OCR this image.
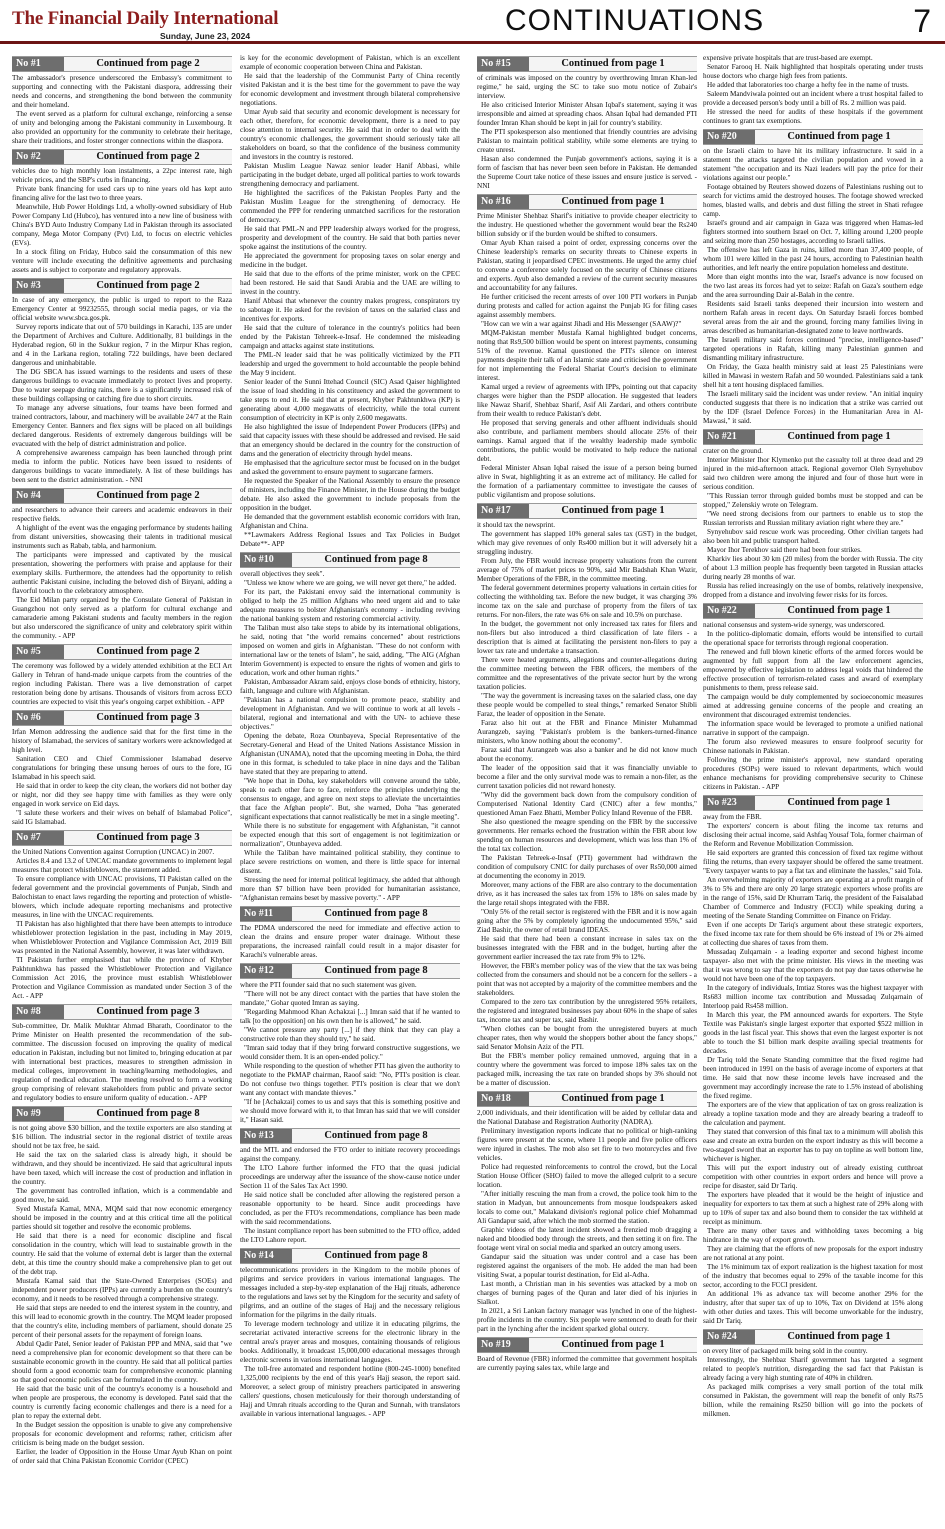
The Financial Daily International
Sunday, June 23, 2024	CONTINUATIONS	7
No #1	Continued from page 2

The ambassador's presence underscored the Embassy's commitment to supporting and connecting with the Pakistani diaspora, addressing their needs and concerns, and strengthening the bond between the community and their homeland.

The event served as a platform for cultural exchange, reinforcing a sense of unity and belonging among the Pakistani community in Luxembourg. It also provided an opportunity for the community to celebrate their heritage, share their traditions, and foster stronger connections within the diaspora.

No #2	Continued from page 2

vehicles due to high monthly loan instalments, a 22pc interest rate, high vehicle prices, and the SBP's curbs in financing.

Private bank financing for used cars up to nine years old has kept auto financing alive for the last two to three years.

Meanwhile, Hub Power Holdings Ltd, a wholly-owned subsidiary of Hub Power Company Ltd (Hubco), has ventured into a new line of business with China's BYD Auto Industry Company Ltd in Pakistan through its associated company, Mega Motor Company (Pvt) Ltd, to focus on electric vehicles (EVs).

In a stock filing on Friday, Hubco said the consummation of this new venture will include executing the definitive agreements and purchasing assets and is subject to corporate and regulatory approvals.

No #3	Continued from page 2

In case of any emergency, the public is urged to report to the Raza Emergency Center at 99232555, through social media pages, or via the official website www.sbca.gos.pk.

Survey reports indicate that out of 570 buildings in Karachi, 135 are under the Department of Archives and Culture. Additionally, 81 buildings in the Hyderabad region, 60 in the Sukkur region, 7 in the Mirpur Khas region, and 4 in the Larkana region, totaling 722 buildings, have been declared dangerous and uninhabitable.

The DG SBCA has issued warnings to the residents and users of these dangerous buildings to evacuate immediately to protect lives and property. Due to water seepage during rains, there is a significantly increased risk of these buildings collapsing or catching fire due to short circuits.

To manage any adverse situations, four teams have been formed and trained contractors, labour, and machinery will be available 24/7 at the Rain Emergency Center. Banners and flex signs will be placed on all buildings declared dangerous. Residents of extremely dangerous buildings will be evacuated with the help of district administration and police.

A comprehensive awareness campaign has been launched through print media to inform the public. Notices have been issued to residents of dangerous buildings to vacate immediately. A list of these buildings has been sent to the district administration. - NNI

No #4	Continued from page 2

and researchers to advance their careers and academic endeavors in their respective fields.

A highlight of the event was the engaging performance by students hailing from distant universities, showcasing their talents in traditional musical instruments such as Rabab, tabla, and harmonium.

The participants were impressed and captivated by the musical presentation, showering the performers with praise and applause for their exemplary skills. Furthermore, the attendees had the opportunity to relish authentic Pakistani cuisine, including the beloved dish of Biryani, adding a flavorful touch to the celebratory atmosphere.

The Eid Milan party organized by the Consulate General of Pakistan in Guangzhou not only served as a platform for cultural exchange and camaraderie among Pakistani students and faculty members in the region but also underscored the significance of unity and celebratory spirit within the community. - APP

No #5	Continued from page 2

The ceremony was followed by a widely attended exhibition at the ECI Art Gallery in Tehran of hand-made unique carpets from the countries of the region including Pakistan. There was a live demonstration of carpet restoration being done by artisans. Thousands of visitors from across ECO countries are expected to visit this year's ongoing carpet exhibition. - APP

No #6	Continued from page 3

Irfan Memon addressing the audience said that for the first time in the history of Islamabad, the services of sanitary workers were acknowledged at high level.

Sanitation CEO and Chief Commissioner Islamabad deserve congratulations for bringing these unsung heroes of ours to the fore, IG Islamabad in his speech said.

He said that in order to keep the city clean, the workers did not bother day or night, nor did they see happy time with families as they were only engaged in work service on Eid days.

"I salute these workers and their wives on behalf of Islamabad Police", said IG Islamabad.

No #7	Continued from page 3

the United Nations Convention against Corruption (UNCAC) in 2007.

Articles 8.4 and 13.2 of UNCAC mandate governments to implement legal measures that protect whistleblowers, the statement added.

To ensure compliance with UNCAC provisions, TI Pakistan called on the federal government and the provincial governments of Punjab, Sindh and Balochistan to enact laws regarding the reporting and protection of whistle-blowers, which include adequate reporting mechanisms and protective measures, in line with the UNCAC requirements.

TI Pakistan has also highlighted that there have been attempts to introduce whistleblower protection legislation in the past, including in May 2019, when Whistleblower Protection and Vigilance Commission Act, 2019 Bill was presented in the National Assembly, however, it was later withdrawn.

TI Pakistan further emphasised that while the province of Khyber Pakhtunkhwa has passed the Whistleblower Protection and Vigilance Commission Act 2016, the province must establish Whistleblower Protection and Vigilance Commission as mandated under Section 3 of the Act. - APP

No #8	Continued from page 3

Sub-committee, Dr. Malik Mukhtar Ahmad Bharath, Coordinator to the Prime Minister on Health presented the recommendation of the sub-committee. The discussion focused on improving the quality of medical education in Pakistan, including but not limited to, bringing education at par with international best practices, measures to strengthen admission in medical colleges, improvement in teaching/learning methodologies, and regulation of medical education. The meeting resolved to form a working group comprising of relevant stakeholders from public and private sector and regulatory bodies to ensure uniform quality of education. - APP

No #9	Continued from page 8

is not going above $30 billion, and the textile exporters are also standing at $16 billion. The industrial sector in the regional district of textile areas should not be tax free, he said.

He said the tax on the salaried class is already high, it should be withdrawn, and they should be incentivized. He said that agricultural inputs have been taxed, which will increase the cost of production and inflation in the country.

The government has controlled inflation, which is a commendable and good move, he said.

Syed Mustafa Kamal, MNA, MQM said that now economic emergency should be imposed in the country and at this critical time all the political parties should sit together and resolve the economic problems.

He said that there is a need for economic discipline and fiscal consolidation in the country, which will lead to sustainable growth in the country. He said that the volume of external debt is larger than the external debt, at this time the country should make a comprehensive plan to get out of the debt trap.

Mustafa Kamal said that the State-Owned Enterprises (SOEs) and independent power producers (IPPs) are currently a burden on the country's economy, and it needs to be resolved through a comprehensive strategy.

He said that steps are needed to end the interest system in the country, and this will lead to economic growth in the country. The MQM leader proposed that the country's elite, including members of parliament, should donate 25 percent of their personal assets for the repayment of foreign loans.

Abdul Qadir Patel, Senior leader of Pakistan PPP and MNA, said that "we need a comprehensive plan for economic development so that there can be sustainable economic growth in the country. He said that all political parties should form a good economic team for comprehensive economic planning so that good economic policies can be formulated in the country.

He said that the basic unit of the country's economy is a household and when people are prosperous, the economy is developed. Patel said that the country is currently facing economic challenges and there is a need for a plan to repay the external debt.

In the Budget session the opposition is unable to give any comprehensive proposals for economic development and reforms; rather, criticism after criticism is being made on the budget session.

Earlier, the leader of Opposition in the House Umar Ayub Khan on point of order said that China Pakistan Economic Corridor (CPEC)

is key for the economic development of Pakistan, which is an excellent example of economic cooperation between China and Pakistan.

He said that the leadership of the Communist Party of China recently visited Pakistan and it is the best time for the government to pave the way for economic development and investment through bilateral comprehensive negotiations.

Umar Ayub said that security and economic development is necessary for each other, therefore, for economic development, there is a need to pay close attention to internal security. He said that in order to deal with the country's economic challenges, the government should seriously take all stakeholders on board, so that the confidence of the business community and investors in the country is restored.

Pakistan Muslim League Nawaz senior leader Hanif Abbasi, while participating in the budget debate, urged all political parties to work towards strengthening democracy and parliament.

He highlighted the sacrifices of the Pakistan Peoples Party and the Pakistan Muslim League for the strengthening of democracy. He commended the PPP for rendering unmatched sacrifices for the restoration of democracy.

He said that PML-N and PPP leadership always worked for the progress, prosperity and development of the country. He said that both parties never spoke against the institutions of the country.

He appreciated the government for proposing taxes on solar energy and medicine in the budget.

He said that due to the efforts of the prime minister, work on the CPEC had been restored. He said that Saudi Arabia and the UAE are willing to invest in the country.

Hanif Abbasi that whenever the country makes progress, conspirators try to sabotage it. He asked for the revision of taxes on the salaried class and incentives for exports.

He said that the culture of tolerance in the country's politics had been ended by the Pakistan Tehreek-e-Insaf. He condemned the misleading campaign and attacks against state institutions.

The PML-N leader said that he was politically victimized by the PTI leadership and urged the government to hold accountable the people behind the May 9 incident.

Senior leader of the Sunni Ittehad Council (SIC) Asad Qaiser highlighted the issue of load shedding in his constituency and asked the government to take steps to end it. He said that at present, Khyber Pakhtunkhwa (KP) is generating about 4,000 megawatts of electricity, while the total current consumption of electricity in KP is only 2,600 megawatts.

He also highlighted the issue of Independent Power Producers (IPPs) and said that capacity issues with these should be addressed and revised. He said that an emergency should be declared in the country for the construction of dams and the generation of electricity through hydel means.

He emphasised that the agriculture sector must be focused on in the budget and asked the government to ensure payment to sugarcane farmers.

He requested the Speaker of the National Assembly to ensure the presence of ministers, including the Finance Minister, in the House during the budget debate. He also asked the government to include proposals from the opposition in the budget.

He demanded that the government establish economic corridors with Iran, Afghanistan and China.

**Lawmakers Address Regional Issues and Tax Policies in Budget Debate**- APP

No #10	Continued from page 8

overall objectives they seek".

"Unless we know where we are going, we will never get there," he added.

For its part, the Pakistani envoy said the international community is obliged to help the 25 million Afghans who need urgent aid and to take adequate measures to bolster Afghanistan's economy - including reviving the national banking system and restoring commercial activity.

The Taliban must also take steps to abide by its international obligations, he said, noting that "the world remains concerned" about restrictions imposed on women and girls in Afghanistan. "These do not conform with international law or the tenets of Islam", he said, adding, "The AIG (Afghan Interim Government) is expected to ensure the rights of women and girls to education, work and other human rights."

Pakistan, Ambassador Akram said, enjoys close bonds of ethnicity, history, faith, language and culture with Afghanistan.

"Pakistan has a national compulsion to promote peace, stability and development in Afghanistan. And we will continue to work at all levels - bilateral, regional and international and with the UN- to achieve these objectives."

Opening the debate, Roza Otunbayeva, Special Representative of the Secretary-General and Head of the United Nations Assistance Mission in Afghanistan (UNAMA), noted that the upcoming meeting in Doha, the third one in this format, is scheduled to take place in nine days and the Taliban have stated that they are preparing to attend.

"We hope that in Doha, key stakeholders will convene around the table, speak to each other face to face, reinforce the principles underlying the consensus to engage, and agree on next steps to alleviate the uncertainties that face the Afghan people". But, she warned, Doha "has generated significant expectations that cannot realistically be met in a single meeting".

While there is no substitute for engagement with Afghanistan, "it cannot be expected enough that this sort of engagement is not legitimization or normalization", Otunbayeva added.

While the Taliban have maintained political stability, they continue to place severe restrictions on women, and there is little space for internal dissent.

Stressing the need for internal political legitimacy, she added that although more than $7 billion have been provided for humanitarian assistance, "Afghanistan remains beset by massive poverty." - APP

No #11	Continued from page 8

The PDMA underscored the need for immediate and effective action to clean the drains and ensure proper water drainage. Without these preparations, the increased rainfall could result in a major disaster for Karachi's vulnerable areas.

No #12	Continued from page 8

where the PTI founder said that no such statement was given.

"There will not be any direct contact with the parties that have stolen the mandate," Gohar quoted Imran as saying.

"Regarding Mahmood Khan Achakzai [...] Imran said that if he wanted to talk [to the opposition] on his own then he is allowed," he said.

"We cannot pressure any party [...] if they think that they can play a constructive role than they should try," he said.

"Imran said today that if they bring forward constructive suggestions, we would consider them. It is an open-ended policy."

While responding to the question of whether PTI has given the authority to negotiate to the PkMAP chairman, Raoof said: "No, PTI's position is clear. Do not confuse two things together. PTI's position is clear that we don't want any contact with mandate thieves."

"If he [Achakzai] comes to us and says that this is something positive and we should move forward with it, to that Imran has said that we will consider it," Hasan said.

No #13	Continued from page 8

and the MTL and endorsed the FTO order to initiate recovery proceedings against the company.

The LTO Lahore further informed the FTO that the quasi judicial proceedings are underway after the issuance of the show-cause notice under Section 11 of the Sales Tax Act 1990.

He said notice shall be concluded after allowing the registered person a reasonable opportunity to be heard. Since audit proceedings have concluded, as per the FTO's recommendations, compliance has been made with the said recommendations.

The instant compliance report has been submitted to the FTO office, added the LTO Lahore report.

No #14	Continued from page 8

telecommunications providers in the Kingdom to the mobile phones of pilgrims and service providers in various international languages. The messages included a step-by-step explanation of the Hajj rituals, adherence to the regulations and laws set by the Kingdom for the security and safety of pilgrims, and an outline of the stages of Hajj and the necessary religious information for the pilgrims in the daily rituals.

To leverage modern technology and utilize it in educating pilgrims, the secretariat activated interactive screens for the electronic library in the central area's prayer areas and mosques, containing thousands of religious books. Additionally, it broadcast 15,000,000 educational messages through electronic screens in various international languages.

The toll-free automated and respondent hotline (800-245-1000) benefited 1,325,000 recipients by the end of this year's Hajj season, the report said. Moreover, a select group of ministry preachers participated in answering callers' questions, chosen meticulously for their thorough understanding of Hajj and Umrah rituals according to the Quran and Sunnah, with translators available in various international languages. - APP

No #15	Continued from page 1

of criminals was imposed on the country by overthrowing Imran Khan-led regime," he said, urging the SC to take suo motu notice of Zubair's interview.

He also criticised Interior Minister Ahsan Iqbal's statement, saying it was irresponsible and aimed at spreading chaos. Ahsan Iqbal had demanded PTI founder Imran Khan should be kept in jail for country's stability.

The PTI spokesperson also mentioned that friendly countries are advising Pakistan to maintain political stability, while some elements are trying to create unrest.

Hasan also condemned the Punjab government's actions, saying it is a form of fascism that has never been seen before in Pakistan. He demanded the Supreme Court take notice of these issues and ensure justice is served. - NNI

No #16	Continued from page 1

Prime Minister Shehbaz Sharif's initiative to provide cheaper electricity to the industry. He questioned whether the government would bear the Rs240 billion subsidy or if the burden would be shifted to consumers.

Omar Ayub Khan raised a point of order, expressing concerns over the Chinese leadership's remarks on security threats to Chinese experts in Pakistan, stating it jeopardised CPEC investments. He urged the army chief to convene a conference solely focused on the security of Chinese citizens and experts. Ayub also demanded a review of the current security measures and accountability for any failures.

He further criticised the recent arrests of over 100 PTI workers in Punjab during protests and called for action against the Punjab IG for filing cases against assembly members.

"How can we win a war against Jihadi and His Messenger (SAAW)?"

MQM-Pakistan member Mustafa Kamal highlighted budget concerns, noting that Rs9,500 billion would be spent on interest payments, consuming 51% of the revenue. Kamal questioned the PTI's silence on interest payments despite their talk of an Islamic state and criticised the government for not implementing the Federal Shariat Court's decision to eliminate interest.

Kamal urged a review of agreements with IPPs, pointing out that capacity charges were higher than the PSDP allocation. He suggested that leaders like Nawaz Sharif, Shehbaz Sharif, Asif Ali Zardari, and others contribute from their wealth to reduce Pakistan's debt.

He proposed that serving generals and other affluent individuals should also contribute, and parliament members should allocate 25% of their earnings. Kamal argued that if the wealthy leadership made symbolic contributions, the public would be motivated to help reduce the national debt.

Federal Minister Ahsan Iqbal raised the issue of a person being burned alive in Swat, highlighting it as an extreme act of militancy. He called for the formation of a parliamentary committee to investigate the causes of public vigilantism and propose solutions.

No #17	Continued from page 1

it should tax the newsprint.

The government has slapped 10% general sales tax (GST) in the budget, which may give revenues of only Rs400 million but it will adversely hit a struggling industry.

From July, the FBR would increase property valuations from the current average of 75% of market prices to 90%, said Mir Badshah Khan Wazir, Member Operations of the FBR, in the committee meeting.

The federal government determines property valuations in certain cities for collecting the withholding tax. Before the new budget, it was charging 3% income tax on the sale and purchase of property from the filers of tax returns. For non-filers, the rate was 6% on sale and 10.5% on purchase.

In the budget, the government not only increased tax rates for filers and non-filers but also introduced a third classification of late filers - a description that is aimed at facilitating the persistent non-filers to pay a lower tax rate and undertake a transaction.

There were heated arguments, allegations and counter-allegations during the committee meeting between the FBR officers, the members of the committee and the representatives of the private sector hurt by the wrong taxation policies.

"The way the government is increasing taxes on the salaried class, one day these people would be compelled to steal things," remarked Senator Shibli Faraz, the leader of opposition in the Senate.

Faraz also hit out at the FBR and Finance Minister Muhammad Aurangzeb, saying "Pakistan's problem is the bankers-turned-finance ministers, who know nothing about the economy".

Faraz said that Aurangzeb was also a banker and he did not know much about the economy.

The leader of the opposition said that it was financially unviable to become a filer and the only survival mode was to remain a non-filer, as the current taxation policies did not reward honesty.

"Why did the government back down from the compulsory condition of Computerised National Identity Card (CNIC) after a few months," questioned Aman Faez Bhatti, Member Policy Inland Revenue of the FBR.

She also questioned the meagre spending on the FBR by the successive governments. Her remarks echoed the frustration within the FBR about low spending on human resources and development, which was less than 1% of the total tax collection.

The Pakistan Tehreek-e-Insaf (PTI) government had withdrawn the condition of compulsory CNIC for daily purchases of over Rs50,000 aimed at documenting the economy in 2019.

Moreover, many actions of the FBR are also contrary to the documentation drive, as it has increased the sales tax from 15% to 18% on sales made by the large retail shops integrated with the FBR.

"Only 5% of the retail sector is registered with the FBR and it is now again going after the 5% by completely ignoring the undocumented 95%," said Ziad Bashir, the owner of retail brand IDEAS.

He said that there had been a constant increase in sales tax on the businesses integrated with the FBR and in the budget, hurting after the government earlier increased the tax rate from 9% to 12%.

However, the FBR's member policy was of the view that the tax was being collected from the consumers and should not be a concern for the sellers - a point that was not accepted by a majority of the committee members and the stakeholders.

Compared to the zero tax contribution by the unregistered 95% retailers, the registered and integrated businesses pay about 60% in the shape of sales tax, income tax and super tax, said Bashir.

"When clothes can be bought from the unregistered buyers at much cheaper rates, then why would the shoppers bother about the fancy shops," said Senator Mohsin Aziz of the PTI.

But the FBR's member policy remained unmoved, arguing that in a country where the government was forced to impose 18% sales tax on the packaged milk, increasing the tax rate on branded shops by 3% should not be a matter of discussion.

No #18	Continued from page 1

2,000 individuals, and their identification will be aided by cellular data and the National Database and Registration Authority (NADRA).

Preliminary investigation reports indicate that no political or high-ranking figures were present at the scene, where 11 people and five police officers were injured in clashes. The mob also set fire to two motorcycles and five vehicles.

Police had requested reinforcements to control the crowd, but the Local Station House Officer (SHO) failed to move the alleged culprit to a secure location.

"After initially rescuing the man from a crowd, the police took him to the station in Madyan, but announcements from mosque loudspeakers asked locals to come out," Malakand division's regional police chief Mohammad Ali Gandapur said, after which the mob stormed the station.

Graphic videos of the latest incident showed a frenzied mob dragging a naked and bloodied body through the streets, and then setting it on fire. The footage went viral on social media and sparked an outcry among users.

Gandapur said the situation was under control and a case has been registered against the organisers of the mob. He added the man had been visiting Swat, a popular tourist destination, for Eid al-Adha.

Last month, a Christian man in his seventies was attacked by a mob on charges of burning pages of the Quran and later died of his injuries in Sialkot.

In 2021, a Sri Lankan factory manager was lynched in one of the highest-profile incidents in the country. Six people were sentenced to death for their part in the lynching after the incident sparked global outcry.

No #19	Continued from page 1

Board of Revenue (FBR) informed the committee that government hospitals are currently paying sales tax, while large and

expensive private hospitals that are trust-based are exempt.

Senator Farooq H. Naik highlighted that hospitals operating under trusts house doctors who charge high fees from patients.

He added that laboratories too charge a hefty fee in the name of trusts.

Saleem Mandviwala pointed out an incident where a trust hospital failed to provide a deceased person's body until a bill of Rs. 2 million was paid.

He stressed the need for audits of these hospitals if the government continues to grant tax exemptions.

No #20	Continued from page 1

on the Israeli claim to have hit its military infrastructure. It said in a statement the attacks targeted the civilian population and vowed in a statement "the occupation and its Nazi leaders will pay the price for their violations against our people."

Footage obtained by Reuters showed dozens of Palestinians rushing out to search for victims amid the destroyed houses. The footage showed wrecked homes, blasted walls, and debris and dust filling the street in Shati refugee camp.

Israel's ground and air campaign in Gaza was triggered when Hamas-led fighters stormed into southern Israel on Oct. 7, killing around 1,200 people and seizing more than 250 hostages, according to Israeli tallies.

The offensive has left Gaza in ruins, killed more than 37,400 people, of whom 101 were killed in the past 24 hours, according to Palestinian health authorities, and left nearly the entire population homeless and destitute.

More than eight months into the war, Israel's advance is now focused on the two last areas its forces had yet to seize: Rafah on Gaza's southern edge and the area surrounding Dair al-Balah in the centre.

Residents said Israeli tanks deepened their incursion into western and northern Rafah areas in recent days. On Saturday Israeli forces bombed several areas from the air and the ground, forcing many families living in areas described as humanitarian-designated zone to leave northwards.

The Israeli military said forces continued "precise, intelligence-based" targeted operations in Rafah, killing many Palestinian gunmen and dismantling military infrastructure.

On Friday, the Gaza health ministry said at least 25 Palestinians were killed in Mawasi in western Rafah and 50 wounded. Palestinians said a tank shell hit a tent housing displaced families.

The Israeli military said the incident was under review. "An initial inquiry conducted suggests that there is no indication that a strike was carried out by the IDF (Israel Defence Forces) in the Humanitarian Area in Al-Mawasi," it said.

No #21	Continued from page 1

crater on the ground.

Interior Minister Ihor Klymenko put the casualty toll at three dead and 29 injured in the mid-afternoon attack. Regional governor Oleh Synyehubov said two children were among the injured and four of those hurt were in serious condition.

"This Russian terror through guided bombs must be stopped and can be stopped," Zelenskiy wrote on Telegram.

"We need strong decisions from our partners to enable us to stop the Russian terrorists and Russian military aviation right where they are."

Synyehubov said rescue work was proceeding. Other civilian targets had also been hit and public transport halted.

Mayor Ihor Terekhov said there had been four strikes.

Kharkiv lies about 30 km (20 miles) from the border with Russia. The city of about 1.3 million people has frequently been targeted in Russian attacks during nearly 28 months of war.

Russia has relied increasingly on the use of bombs, relatively inexpensive, dropped from a distance and involving fewer risks for its forces.

No #22	Continued from page 1

national consensus and system-wide synergy, was underscored.

In the politico-diplomatic domain, efforts would be intensified to curtail the operational space for terrorists through regional cooperation.

The renewed and full blown kinetic efforts of the armed forces would be augmented by full support from all the law enforcement agencies, empowered by effective legislation to address legal voids that hindered the effective prosecution of terrorism-related cases and award of exemplary punishments to them, press release said.

The campaign would be duly complemented by socioeconomic measures aimed at addressing genuine concerns of the people and creating an environment that discouraged extremist tendencies.

The information space would be leveraged to promote a unified national narrative in support of the campaign.

The forum also reviewed measures to ensure foolproof security for Chinese nationals in Pakistan.

Following the prime minister's approval, new standard operating procedures (SOPs) were issued to relevant departments, which would enhance mechanisms for providing comprehensive security to Chinese citizens in Pakistan. - APP

No #23	Continued from page 1

away from the FBR.

The exporters' concern is about filing the income tax returns and disclosing their actual income, said Ashfaq Yousaf Tola, former chairman of the Reform and Revenue Mobilization Commission.

He said exporters are granted this concession of fixed tax regime without filing the returns, than every taxpayer should be offered the same treatment. "Every taxpayer wants to pay a flat tax and eliminate the hassles," said Tola.

An overwhelming majority of exporters are operating at a profit margin of 3% to 5% and there are only 20 large strategic exporters whose profits are in the range of 15%, said Dr Khurram Tariq, the president of the Faisalabad Chamber of Commerce and Industry (FCCI) while speaking during a meeting of the Senate Standing Committee on Finance on Friday.

Even if one accepts Dr Tariq's argument about these strategic exporters, the fixed income tax rate for them should be 6% instead of 1% or 2% aimed at collecting due shares of taxes from them.

Mussadaq Zulqarnain - a leading exporter and second highest income taxpayer- also met with the prime minister. His views in the meeting was that it was wrong to say that the exporters do not pay due taxes otherwise he would not have been one of the top taxpayers.

In the category of individuals, Imtiaz Stores was the highest taxpayer with Rs683 million income tax contribution and Mussadaq Zulqarnain of Interloop paid Rs458 million.

In March this year, the PM announced awards for exporters. The Style Textile was Pakistan's single largest exporter that exported $522 million in goods in the last fiscal year. This shows that even the largest exporter is not able to touch the $1 billion mark despite availing special treatments for decades.

Dr Tariq told the Senate Standing committee that the fixed regime had been introduced in 1991 on the basis of average income of exporters at that time. He said that now these income levels have increased and the government may accordingly increase the rate to 1.5% instead of abolishing the fixed regime.

The exporters are of the view that application of tax on gross realization is already a topline taxation mode and they are already bearing a tradeoff to the calculation and payment.

They stated that conversion of this final tax to a minimum will abolish this ease and create an extra burden on the export industry as this will become a two-staged sword that an exporter has to pay on topline as well bottom line, whichever is higher.

This will put the export industry out of already existing cutthroat competition with other countries in export orders and hence will prove a recipe for disaster, said Dr Tariq.

The exporters have pleaded that it would be the height of injustice and inequality for exporters to tax them at such a highest rate of 29% along with up to 10% of super tax and also bound them to consider the tax withheld at receipt as minimum.

There are many other taxes and withholding taxes becoming a big hindrance in the way of export growth.

They are claiming that the efforts of new proposals for the export industry are not rational at any point.

The 1% minimum tax of export realization is the highest taxation for most of the industry that becomes equal to 29% of the taxable income for this sector, according to the FCCI president.

An additional 1% as advance tax will become another 29% for the industry, after that super tax of up to 10%, Tax on Dividend at 15% along with other duties and taxes. This will become unworkable for the industry, said Dr Tariq.

No #24	Continued from page 1

on every liter of packaged milk being sold in the country.

Interestingly, the Shehbaz Sharif government has targeted a segment related to people's nutrition, disregarding the sad fact that Pakistan is already facing a very high stunting rate of 40% in children.

As packaged milk comprises a very small portion of the total milk consumed in Pakistan, the government will reap the benefit of only Rs75 billion, while the remaining Rs250 billion will go into the pockets of milkmen.
